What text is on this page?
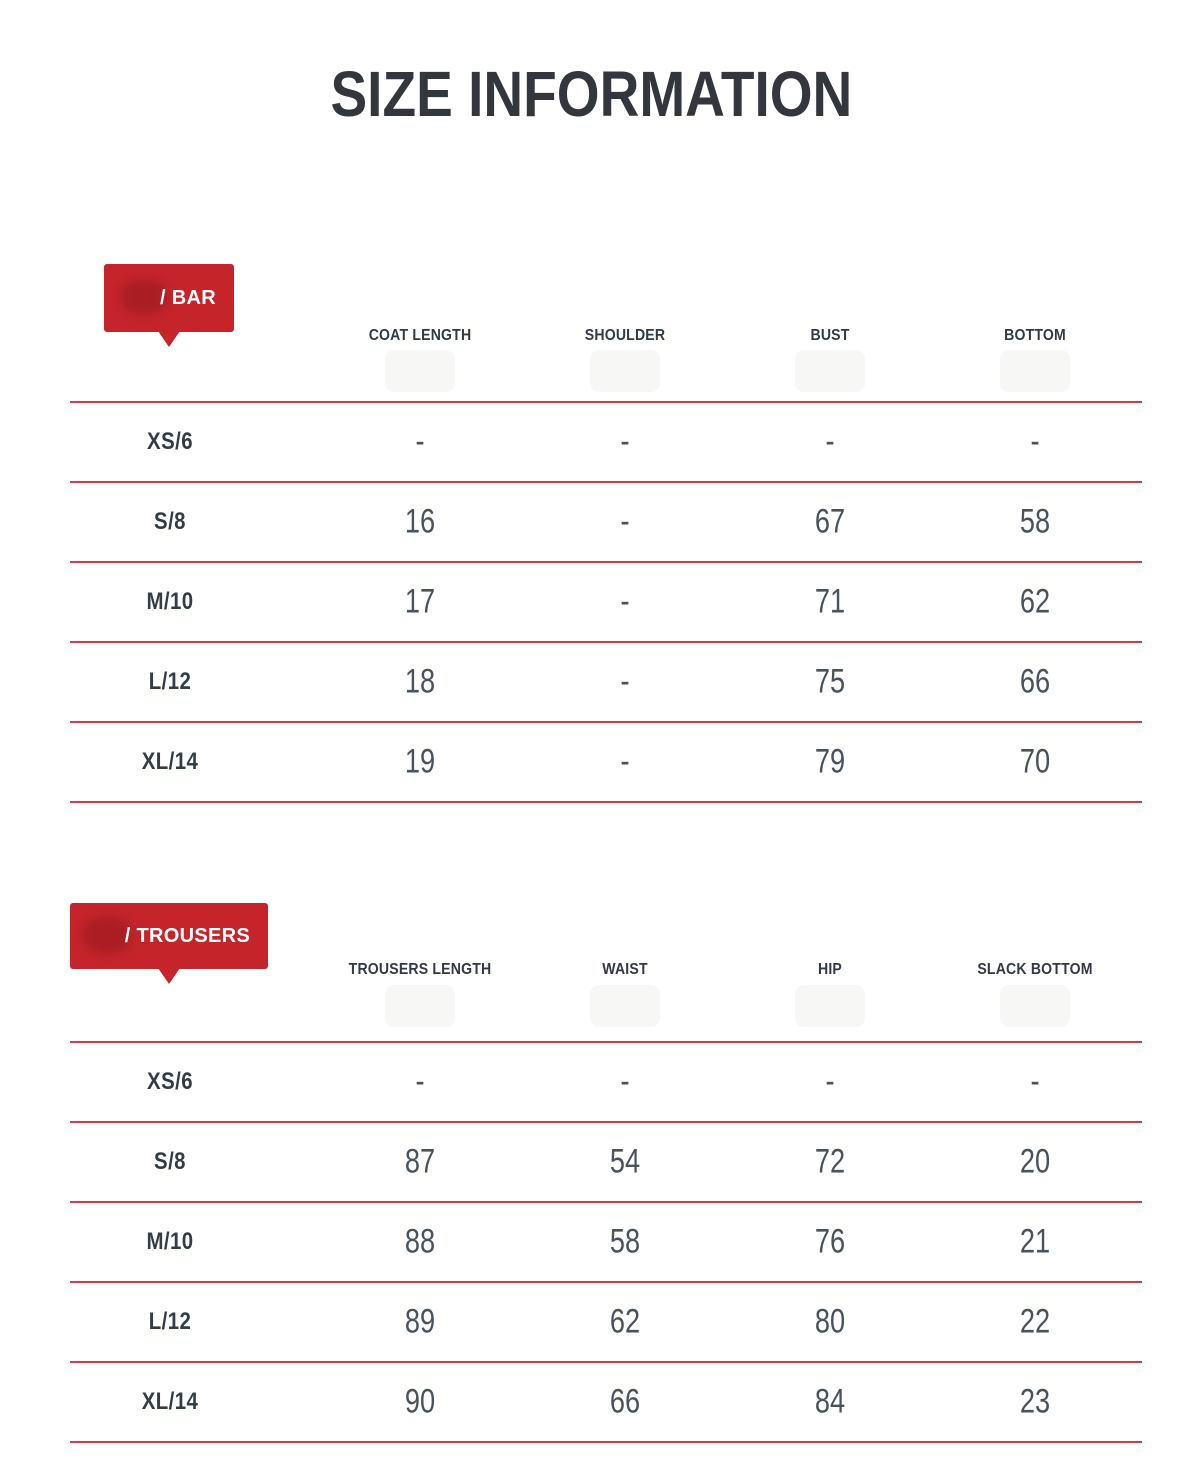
SIZE INFORMATION
/ BAR
COAT LENGTH	SHOULDER	BUST	BOTTOM
XS/6	-	-	-	-
S/8	16	-	67	58
M/10	17	-	71	62
L/12	18	-	75	66
XL/14	19	-	79	70
/ TROUSERS
TROUSERS LENGTH	WAIST	HIP	SLACK BOTTOM
XS/6	-	-	-	-
S/8	87	54	72	20
M/10	88	58	76	21
L/12	89	62	80	22
XL/14	90	66	84	23
